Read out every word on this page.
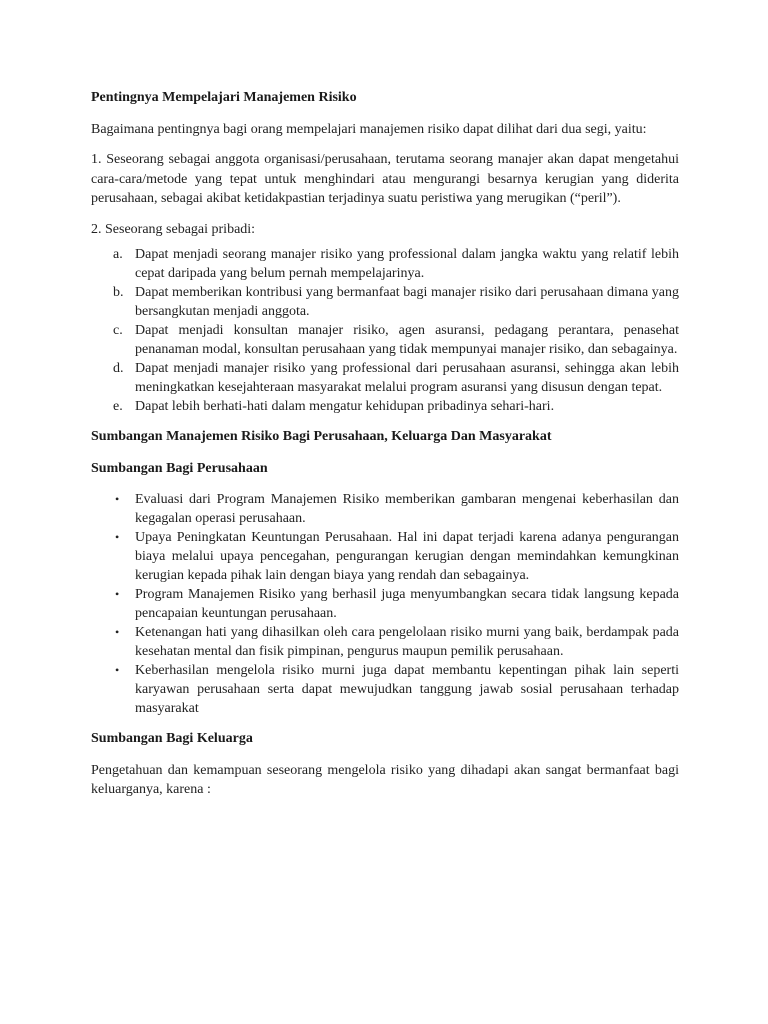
Pentingnya Mempelajari Manajemen Risiko

Bagaimana pentingnya bagi orang mempelajari manajemen risiko dapat dilihat dari dua segi, yaitu:

1. Seseorang sebagai anggota organisasi/perusahaan, terutama seorang manajer akan dapat mengetahui cara-cara/metode yang tepat untuk menghindari atau mengurangi besarnya kerugian yang diderita perusahaan, sebagai akibat ketidakpastian terjadinya suatu peristiwa yang merugikan (“peril”).

2. Seseorang sebagai pribadi:

a. Dapat menjadi seorang manajer risiko yang professional dalam jangka waktu yang relatif lebih cepat daripada yang belum pernah mempelajarinya.
b. Dapat memberikan kontribusi yang bermanfaat bagi manajer risiko dari perusahaan dimana yang bersangkutan menjadi anggota.
c. Dapat menjadi konsultan manajer risiko, agen asuransi, pedagang perantara, penasehat penanaman modal, konsultan perusahaan yang tidak mempunyai manajer risiko, dan sebagainya.
d. Dapat menjadi manajer risiko yang professional dari perusahaan asuransi, sehingga akan lebih meningkatkan kesejahteraan masyarakat melalui program asuransi yang disusun dengan tepat.
e. Dapat lebih berhati-hati dalam mengatur kehidupan pribadinya sehari-hari.

Sumbangan Manajemen Risiko Bagi Perusahaan, Keluarga Dan Masyarakat

Sumbangan Bagi Perusahaan

•	Evaluasi dari Program Manajemen Risiko memberikan gambaran mengenai keberhasilan dan kegagalan operasi perusahaan.
•	Upaya Peningkatan Keuntungan Perusahaan. Hal ini dapat terjadi karena adanya pengurangan biaya melalui upaya pencegahan, pengurangan kerugian dengan memindahkan kemungkinan kerugian kepada pihak lain dengan biaya yang rendah dan sebagainya.
•	Program Manajemen Risiko yang berhasil juga menyumbangkan secara tidak langsung kepada pencapaian keuntungan perusahaan.
•	Ketenangan hati yang dihasilkan oleh cara pengelolaan risiko murni yang baik, berdampak pada kesehatan mental dan fisik pimpinan, pengurus maupun pemilik perusahaan.
•	Keberhasilan mengelola risiko murni juga dapat membantu kepentingan pihak lain seperti karyawan perusahaan serta dapat mewujudkan tanggung jawab sosial perusahaan terhadap masyarakat

Sumbangan Bagi Keluarga

Pengetahuan dan kemampuan seseorang mengelola risiko yang dihadapi akan sangat bermanfaat bagi keluarganya, karena :
